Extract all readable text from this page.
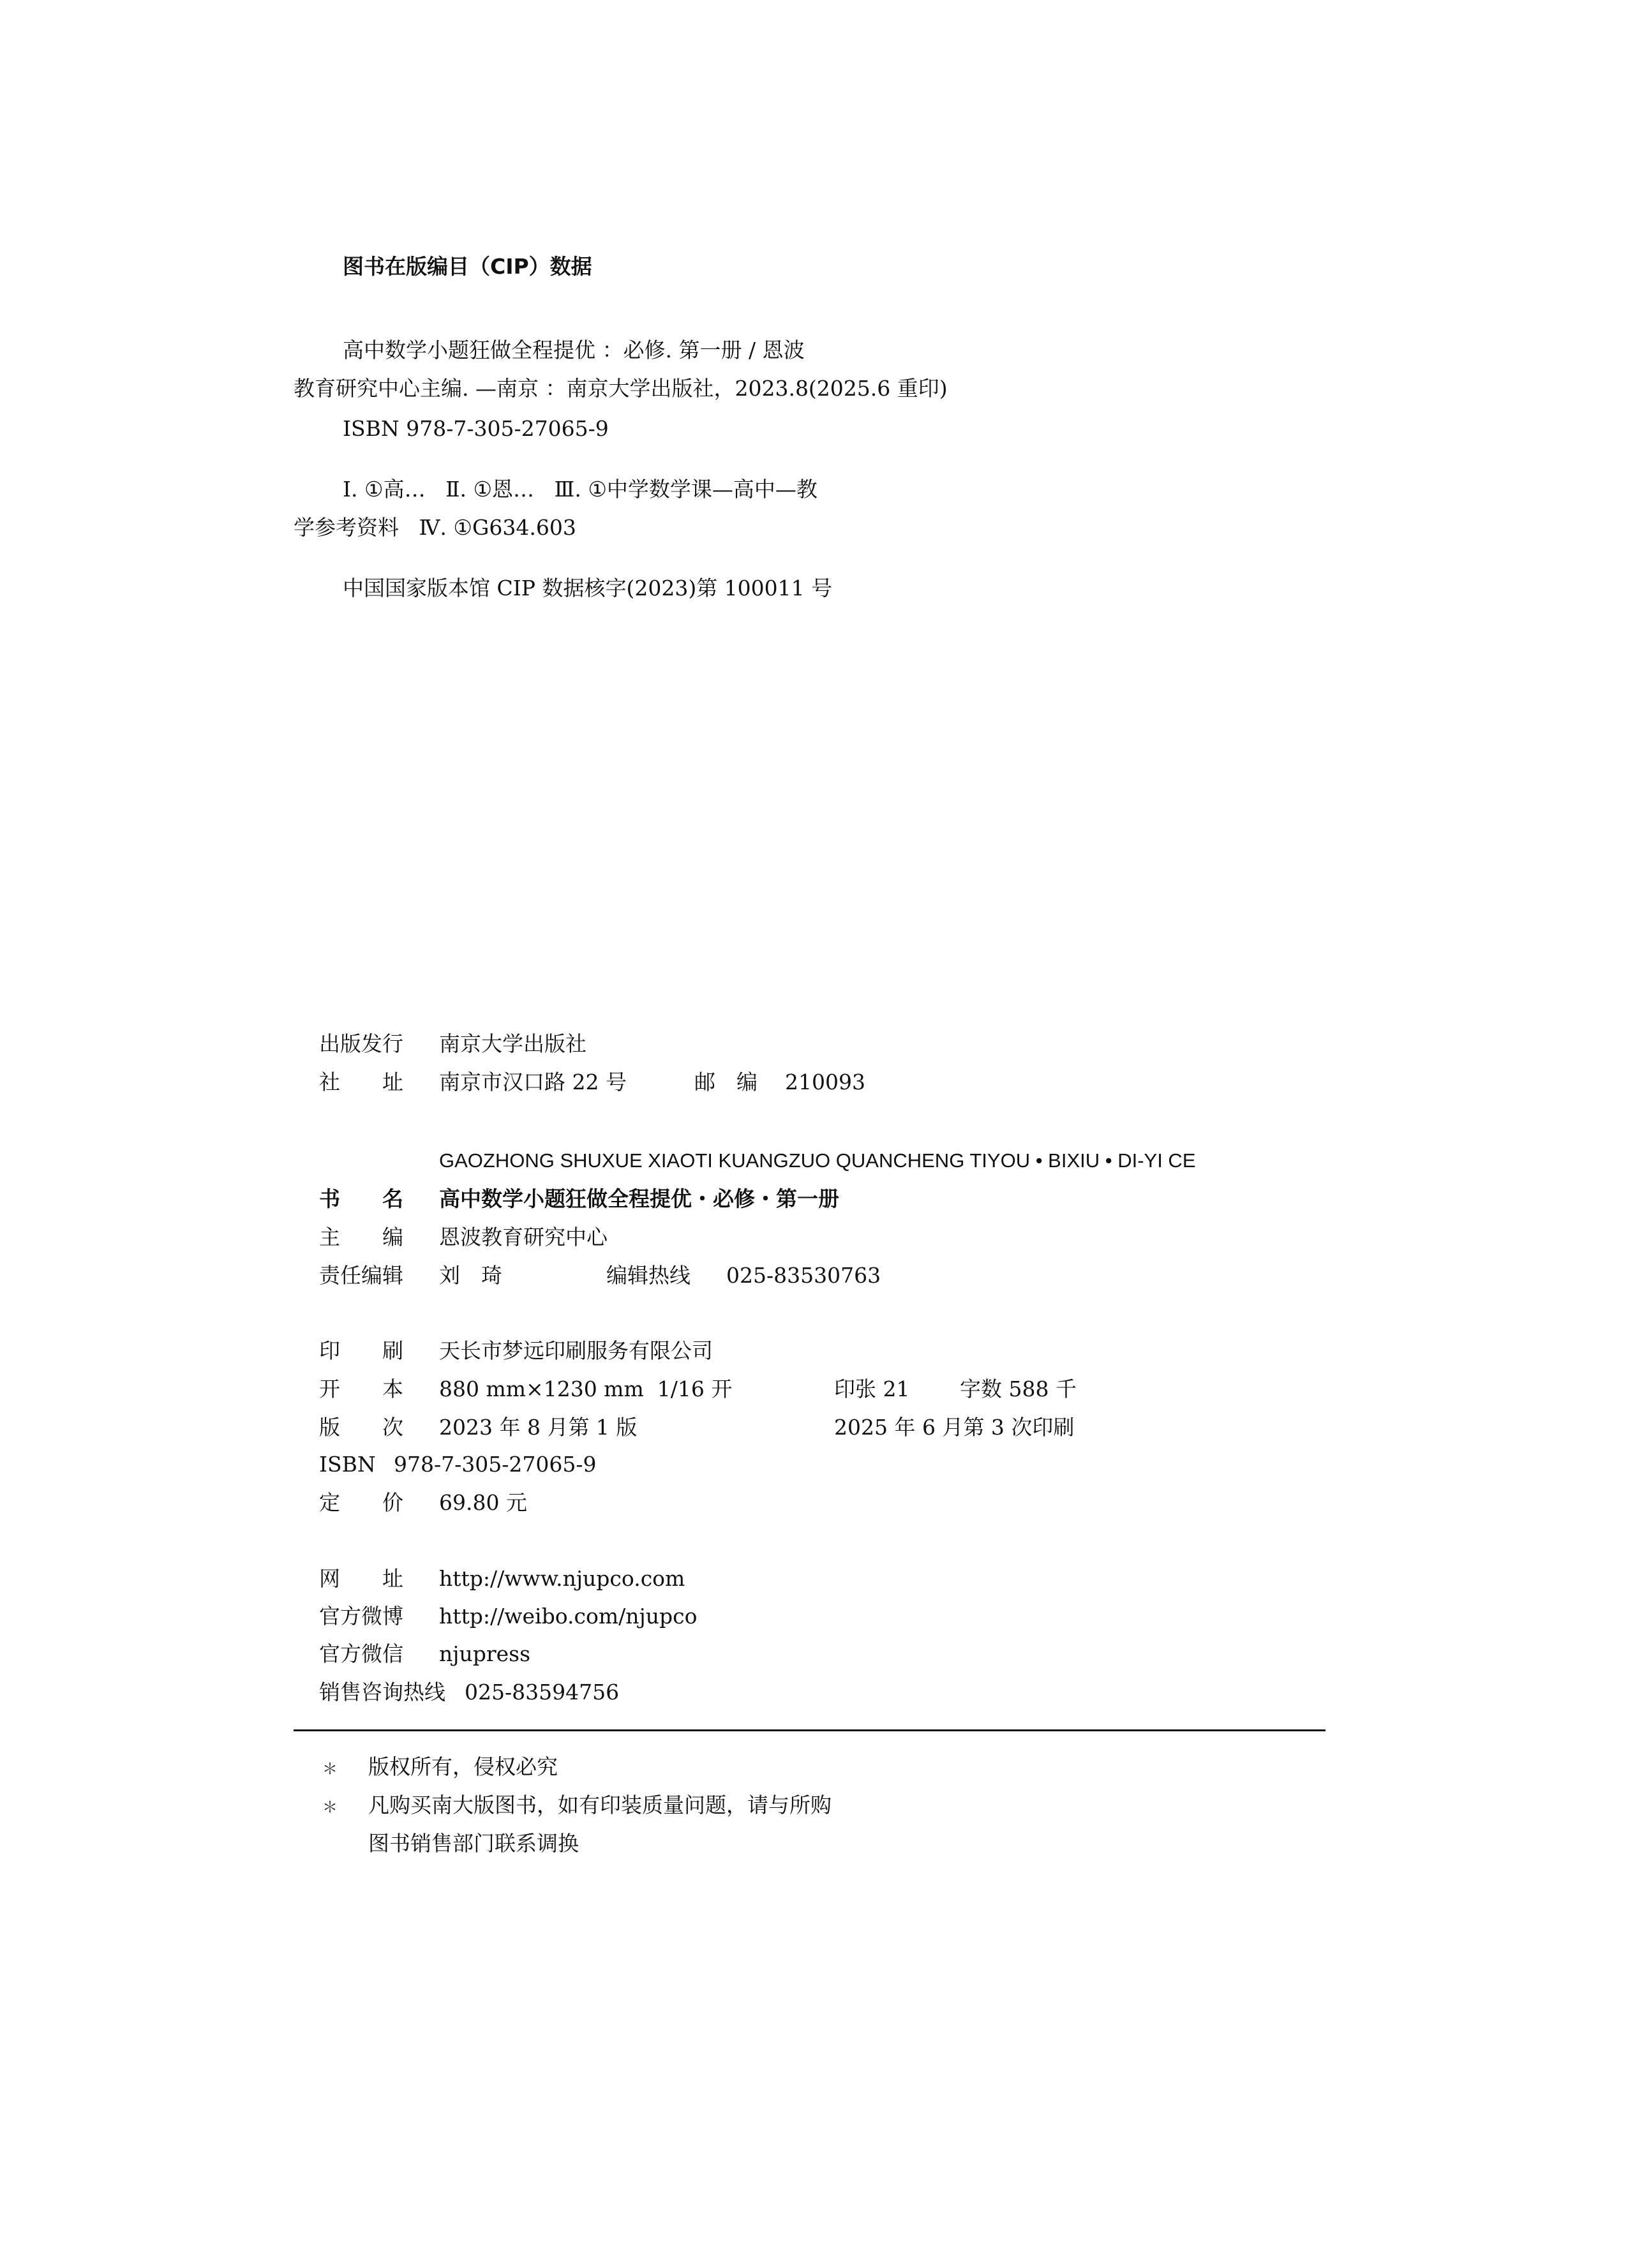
图书在版编目（CIP）数据
高中数学小题狂做全程提优 ：必修. 第一册 / 恩波
教育研究中心主编. —南京 ：南京大学出版社，2023.8(2025.6 重印)
ISBN 978-7-305-27065-9
Ⅰ. ①高…   Ⅱ. ①恩…   Ⅲ. ①中学数学课—高中—教
学参考资料   Ⅳ. ①G634.603
中国国家版本馆 CIP 数据核字(2023)第 100011 号
出版发行 南京大学出版社
社　　址 南京市汉口路 22 号	邮　编 210093
GAOZHONG SHUXUE XIAOTI KUANGZUO QUANCHENG TIYOU • BIXIU • DI-YI CE
书　　名 高中数学小题狂做全程提优・必修・第一册
主　　编 恩波教育研究中心
责任编辑 刘　琦	编辑热线 025-83530763
印　　刷 天长市梦远印刷服务有限公司
开　　本 880 mm×1230 mm  1/16 开	印张 21 字数 588 千
版　　次 2023 年 8 月第 1 版	2025 年 6 月第 3 次印刷
ISBN 978-7-305-27065-9
定　　价 69.80 元
网　　址 http://www.njupco.com
官方微博 http://weibo.com/njupco
官方微信 njupress
销售咨询热线 025-83594756
＊ 版权所有，侵权必究
＊ 凡购买南大版图书，如有印装质量问题，请与所购
图书销售部门联系调换
